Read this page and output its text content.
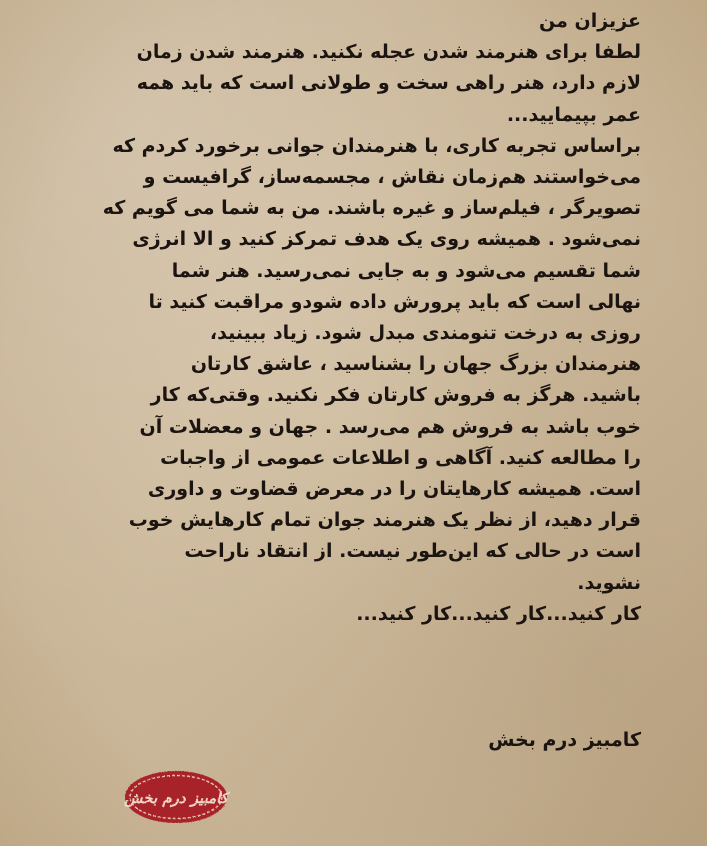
عزیزان من
لطفا برای هنرمند شدن عجله نکنید. هنرمند شدن زمان
لازم دارد، هنر راهی سخت و طولانی است که باید همه
عمر بپیمایید...
براساس تجربه کاری، با هنرمندان جوانی برخورد کردم که
می‌خواستند هم‌زمان نقاش ، مجسمه‌ساز، گرافیست و
تصویرگر ، فیلم‌ساز و غیره باشند. من به شما می گویم که
نمی‌شود . همیشه روی یک هدف تمرکز کنید و الا انرژی
شما تقسیم می‌شود و به جایی نمی‌رسید. هنر شما
نهالی است که باید پرورش داده شودو مراقبت کنید تا
روزی به درخت تنومندی مبدل شود. زیاد ببینید،
هنرمندان بزرگ جهان را بشناسید ، عاشق کارتان
باشید. هرگز به فروش کارتان فکر نکنید. وقتی‌که کار
خوب باشد به فروش هم می‌رسد . جهان و معضلات آن
را مطالعه کنید. آگاهی و اطلاعات عمومی از واجبات
است. همیشه کارهایتان را در معرض قضاوت و داوری
قرار دهید، از نظر یک هنرمند جوان تمام کارهایش خوب
است در حالی که این‌طور نیست. از انتقاد ناراحت
نشوید.
کار کنید...کار کنید...کار کنید...
کامبیز درم بخش
کامبیز درم بخش
